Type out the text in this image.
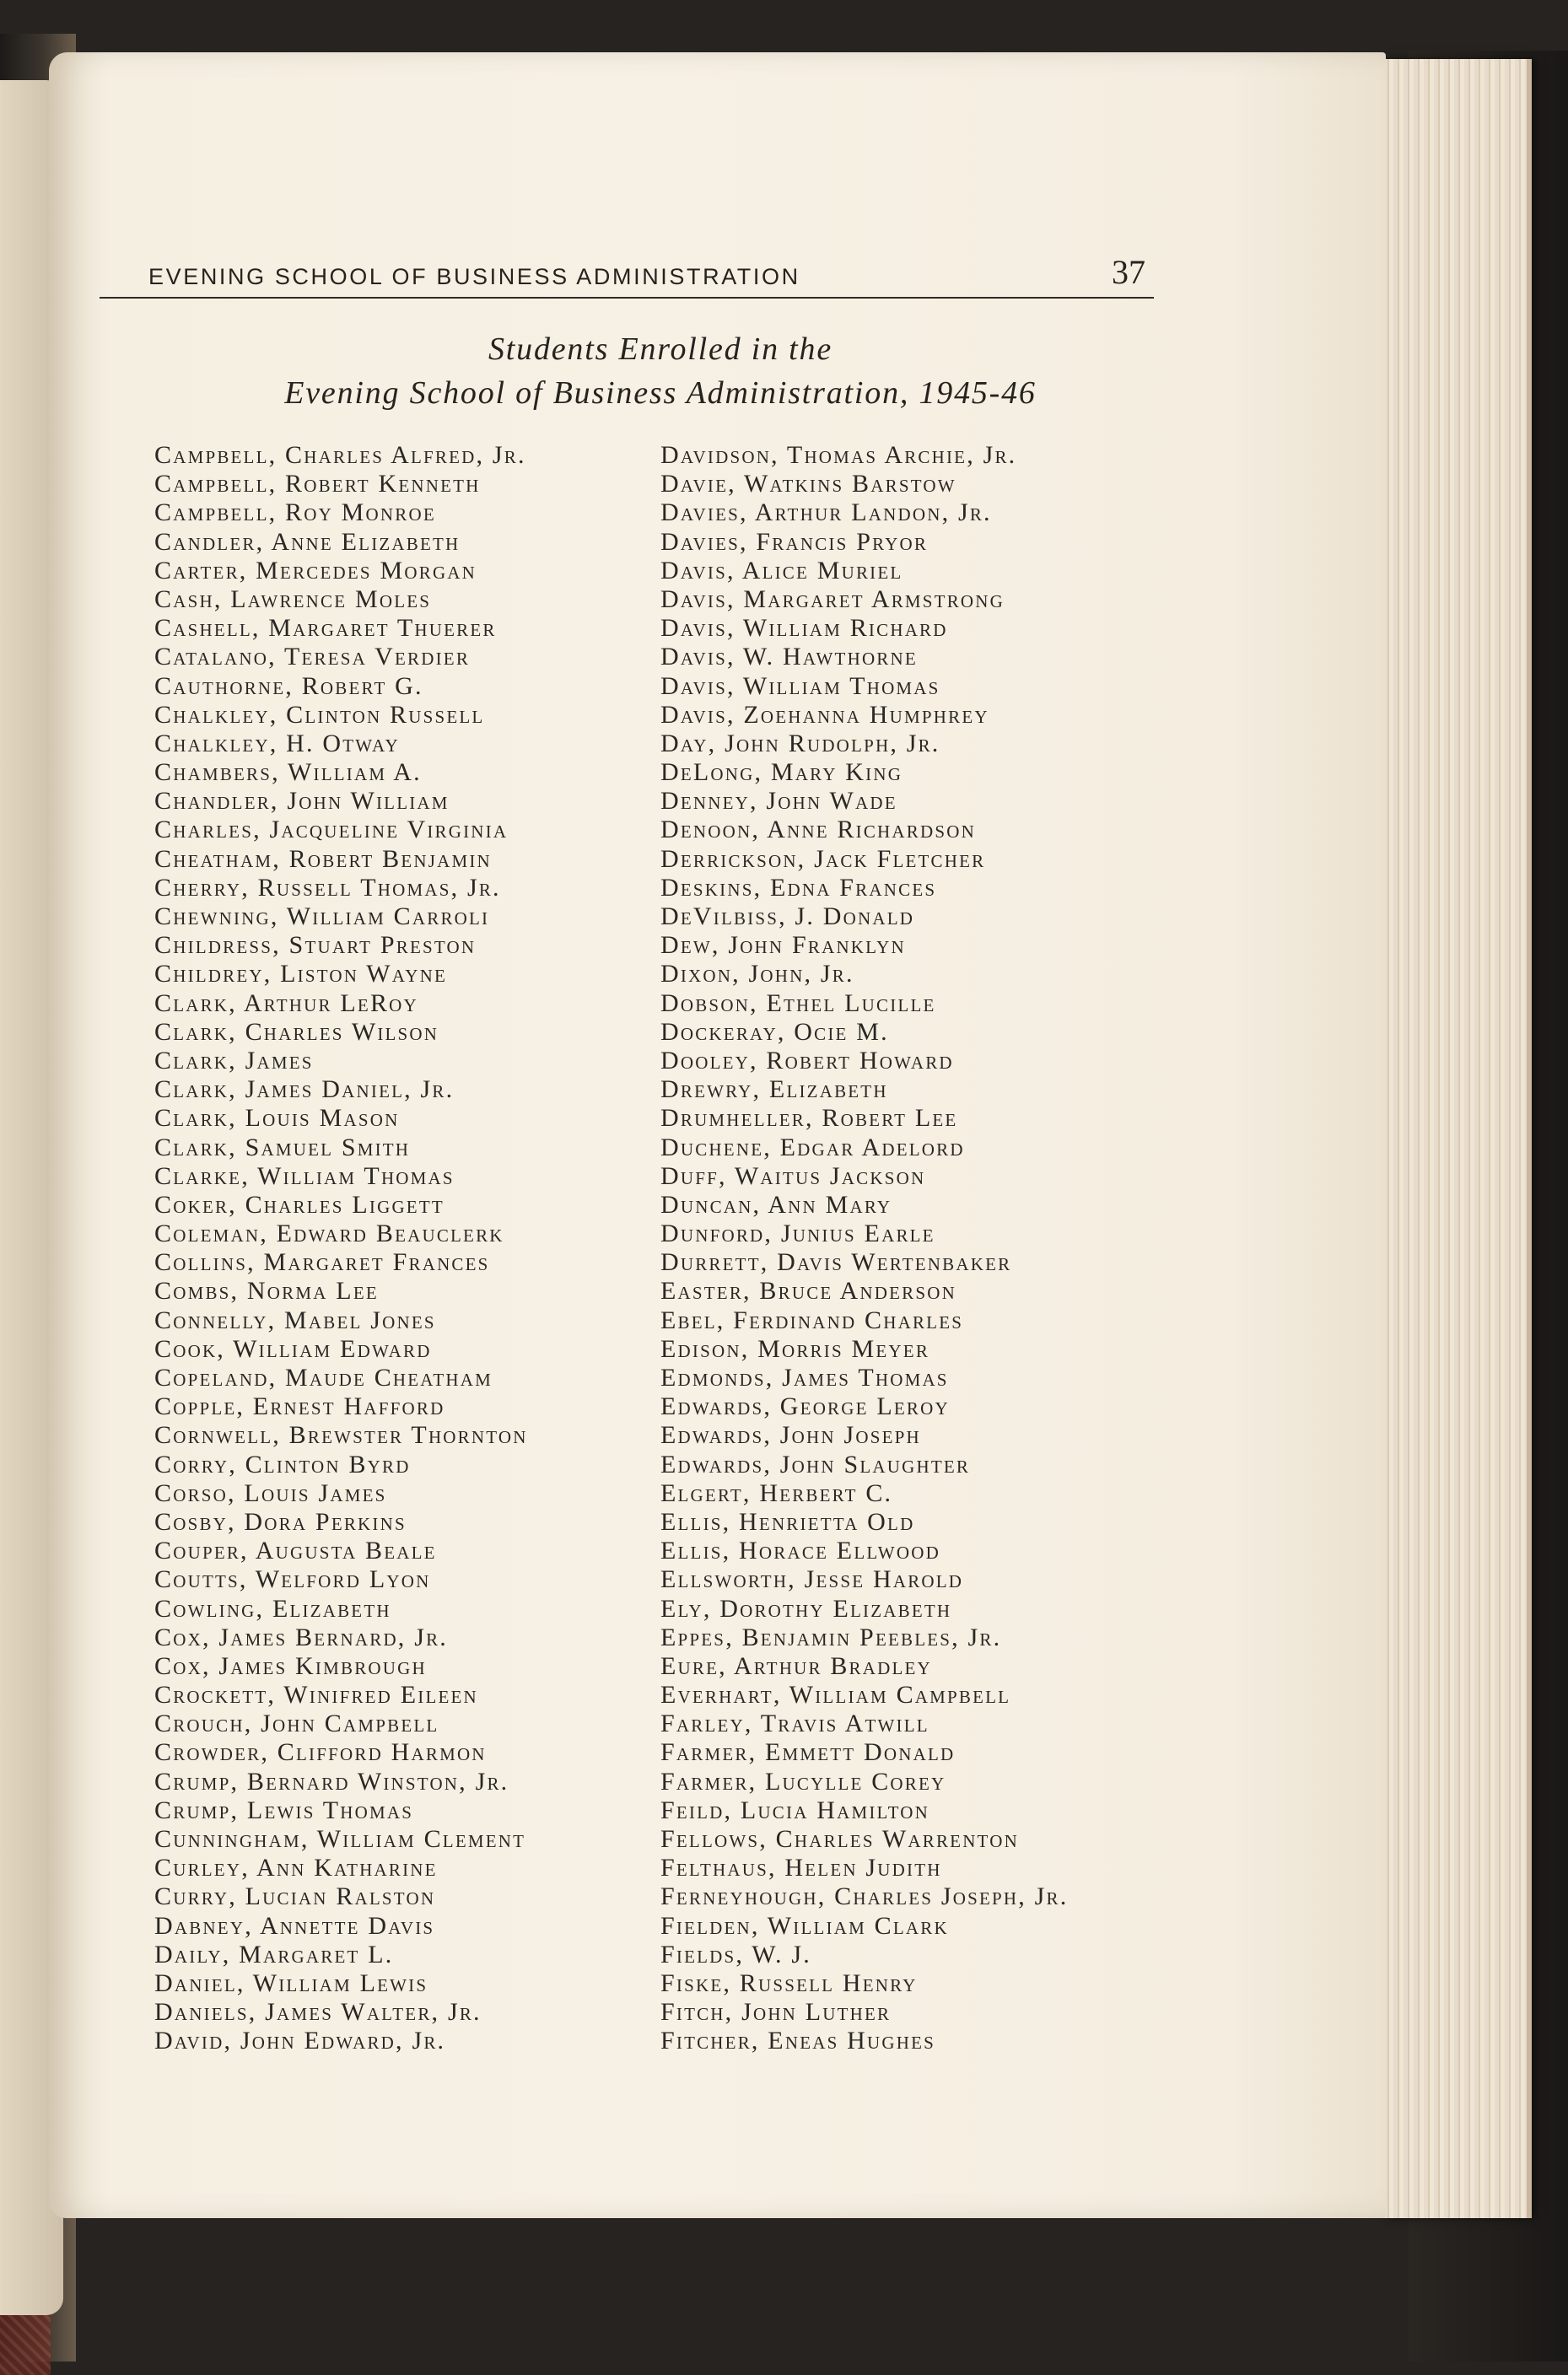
EVENING SCHOOL OF BUSINESS ADMINISTRATION	37
Students Enrolled in the
Evening School of Business Administration, 1945-46
Campbell, Charles Alfred, Jr.
Campbell, Robert Kenneth
Campbell, Roy Monroe
Candler, Anne Elizabeth
Carter, Mercedes Morgan
Cash, Lawrence Moles
Cashell, Margaret Thuerer
Catalano, Teresa Verdier
Cauthorne, Robert G.
Chalkley, Clinton Russell
Chalkley, H. Otway
Chambers, William A.
Chandler, John William
Charles, Jacqueline Virginia
Cheatham, Robert Benjamin
Cherry, Russell Thomas, Jr.
Chewning, William Carroli
Childress, Stuart Preston
Childrey, Liston Wayne
Clark, Arthur LeRoy
Clark, Charles Wilson
Clark, James
Clark, James Daniel, Jr.
Clark, Louis Mason
Clark, Samuel Smith
Clarke, William Thomas
Coker, Charles Liggett
Coleman, Edward Beauclerk
Collins, Margaret Frances
Combs, Norma Lee
Connelly, Mabel Jones
Cook, William Edward
Copeland, Maude Cheatham
Copple, Ernest Hafford
Cornwell, Brewster Thornton
Corry, Clinton Byrd
Corso, Louis James
Cosby, Dora Perkins
Couper, Augusta Beale
Coutts, Welford Lyon
Cowling, Elizabeth
Cox, James Bernard, Jr.
Cox, James Kimbrough
Crockett, Winifred Eileen
Crouch, John Campbell
Crowder, Clifford Harmon
Crump, Bernard Winston, Jr.
Crump, Lewis Thomas
Cunningham, William Clement
Curley, Ann Katharine
Curry, Lucian Ralston
Dabney, Annette Davis
Daily, Margaret L.
Daniel, William Lewis
Daniels, James Walter, Jr.
David, John Edward, Jr.
Davidson, Thomas Archie, Jr.
Davie, Watkins Barstow
Davies, Arthur Landon, Jr.
Davies, Francis Pryor
Davis, Alice Muriel
Davis, Margaret Armstrong
Davis, William Richard
Davis, W. Hawthorne
Davis, William Thomas
Davis, Zoehanna Humphrey
Day, John Rudolph, Jr.
DeLong, Mary King
Denney, John Wade
Denoon, Anne Richardson
Derrickson, Jack Fletcher
Deskins, Edna Frances
DeVilbiss, J. Donald
Dew, John Franklyn
Dixon, John, Jr.
Dobson, Ethel Lucille
Dockeray, Ocie M.
Dooley, Robert Howard
Drewry, Elizabeth
Drumheller, Robert Lee
Duchene, Edgar Adelord
Duff, Waitus Jackson
Duncan, Ann Mary
Dunford, Junius Earle
Durrett, Davis Wertenbaker
Easter, Bruce Anderson
Ebel, Ferdinand Charles
Edison, Morris Meyer
Edmonds, James Thomas
Edwards, George Leroy
Edwards, John Joseph
Edwards, John Slaughter
Elgert, Herbert C.
Ellis, Henrietta Old
Ellis, Horace Ellwood
Ellsworth, Jesse Harold
Ely, Dorothy Elizabeth
Eppes, Benjamin Peebles, Jr.
Eure, Arthur Bradley
Everhart, William Campbell
Farley, Travis Atwill
Farmer, Emmett Donald
Farmer, Lucylle Corey
Feild, Lucia Hamilton
Fellows, Charles Warrenton
Felthaus, Helen Judith
Ferneyhough, Charles Joseph, Jr.
Fielden, William Clark
Fields, W. J.
Fiske, Russell Henry
Fitch, John Luther
Fitcher, Eneas Hughes
